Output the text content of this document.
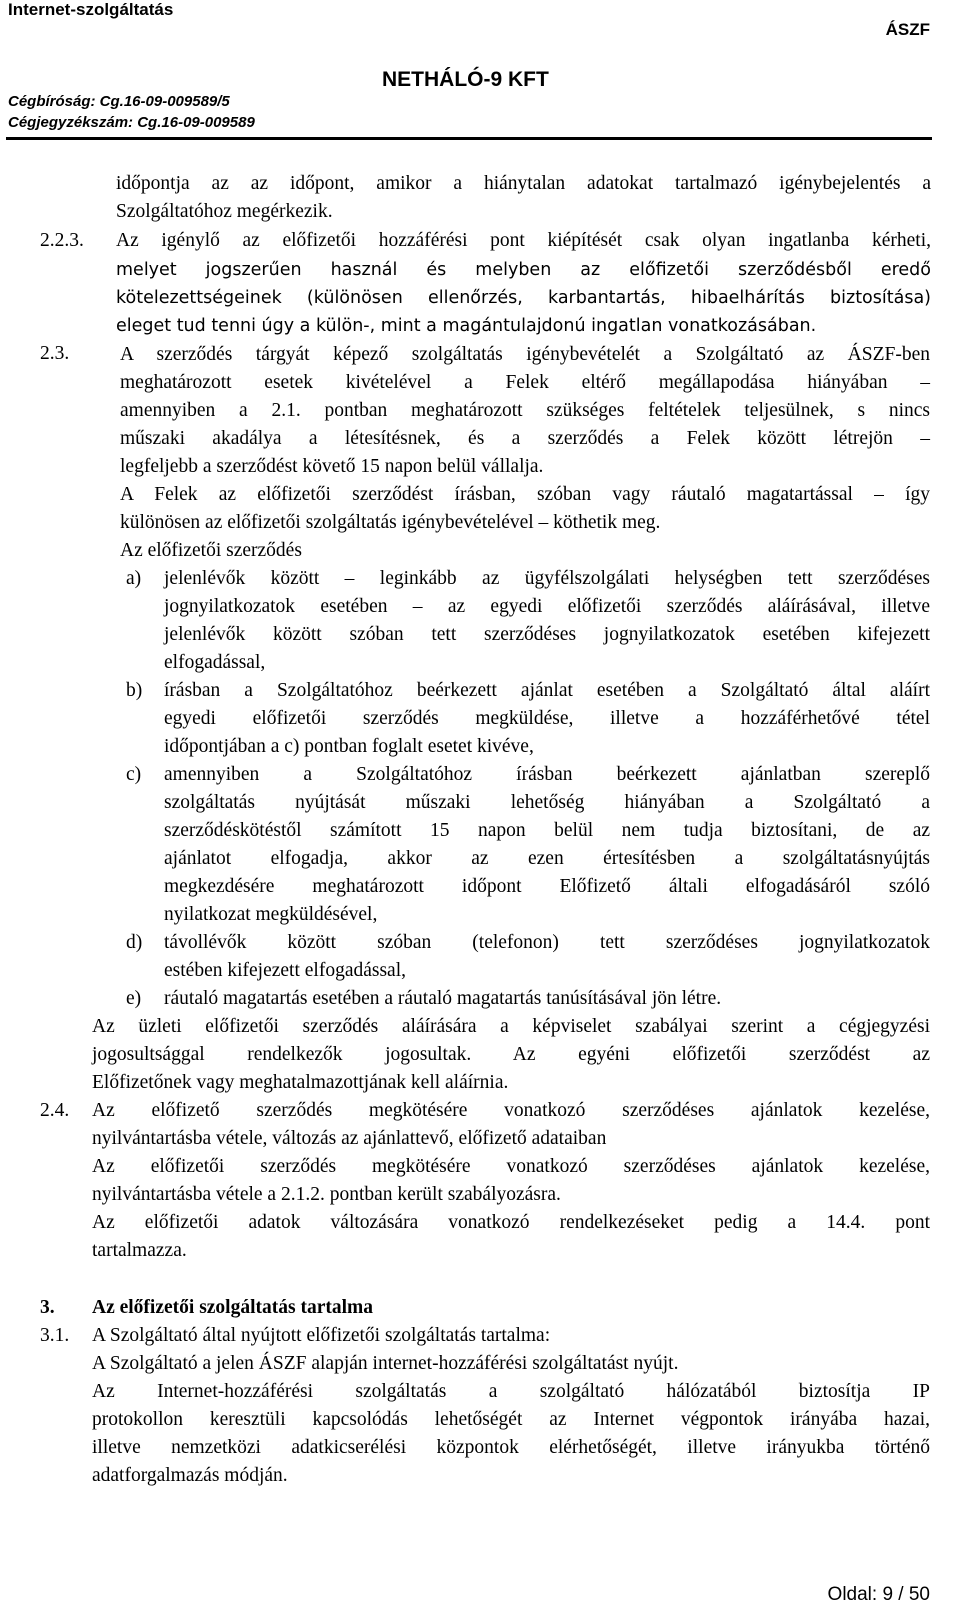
Internet-szolgáltatás
ÁSZF
NETHÁLÓ-9 KFT
Cégbíróság: Cg.16-09-009589/5
Cégjegyzékszám: Cg.16-09-009589
időpontja az az időpont, amikor a hiánytalan adatokat tartalmazó igénybejelentés a
Szolgáltatóhoz megérkezik.
2.2.3. Az igénylő az előfizetői hozzáférési pont kiépítését csak olyan ingatlanba kérheti,
melyet jogszerűen használ és melyben az előfizetői szerződésből eredő
kötelezettségeinek (különösen ellenőrzés, karbantartás, hibaelhárítás biztosítása)
eleget tud tenni úgy a külön-, mint a magántulajdonú ingatlan vonatkozásában.
2.3.	A szerződés tárgyát képező szolgáltatás igénybevételét a Szolgáltató az ÁSZF-ben
meghatározott esetek kivételével a Felek eltérő megállapodása hiányában –
amennyiben a 2.1. pontban meghatározott szükséges feltételek teljesülnek, s nincs
műszaki akadálya a létesítésnek, és a szerződés a Felek között létrejön –
legfeljebb a szerződést követő 15 napon belül vállalja.
A Felek az előfizetői szerződést írásban, szóban vagy ráutaló magatartással – így
különösen az előfizetői szolgáltatás igénybevételével – köthetik meg.
Az előfizetői szerződés
a) jelenlévők között – leginkább az ügyfélszolgálati helységben tett szerződéses
jognyilatkozatok esetében – az egyedi előfizetői szerződés aláírásával, illetve
jelenlévők között szóban tett szerződéses jognyilatkozatok esetében kifejezett
elfogadással,
b) írásban a Szolgáltatóhoz beérkezett ajánlat esetében a Szolgáltató által aláírt
egyedi előfizetői szerződés megküldése, illetve a hozzáférhetővé tétel
időpontjában a c) pontban foglalt esetet kivéve,
c) amennyiben a Szolgáltatóhoz írásban beérkezett ajánlatban szereplő
szolgáltatás nyújtását műszaki lehetőség hiányában a Szolgáltató a
szerződéskötéstől számított 15 napon belül nem tudja biztosítani, de az
ajánlatot elfogadja, akkor az ezen értesítésben a szolgáltatásnyújtás
megkezdésére meghatározott időpont Előfizető általi elfogadásáról szóló
nyilatkozat megküldésével,
d) távollévők között szóban (telefonon) tett szerződéses jognyilatkozatok
estében kifejezett elfogadással,
e) ráutaló magatartás esetében a ráutaló magatartás tanúsításával jön létre.
Az üzleti előfizetői szerződés aláírására a képviselet szabályai szerint a cégjegyzési
jogosultsággal rendelkezők jogosultak. Az egyéni előfizetői szerződést az
Előfizetőnek vagy meghatalmazottjának kell aláírnia.
2.4. Az előfizető szerződés megkötésére vonatkozó szerződéses ajánlatok kezelése,
nyilvántartásba vétele, változás az ajánlattevő, előfizető adataiban
Az előfizetői szerződés megkötésére vonatkozó szerződéses ajánlatok kezelése,
nyilvántartásba vétele a 2.1.2. pontban került szabályozásra.
Az előfizetői adatok változására vonatkozó rendelkezéseket pedig a 14.4. pont
tartalmazza.
3. Az előfizetői szolgáltatás tartalma
3.1. A Szolgáltató által nyújtott előfizetői szolgáltatás tartalma:
A Szolgáltató a jelen ÁSZF alapján internet-hozzáférési szolgáltatást nyújt.
Az Internet-hozzáférési szolgáltatás a szolgáltató hálózatából biztosítja IP
protokollon keresztüli kapcsolódás lehetőségét az Internet végpontok irányába hazai,
illetve nemzetközi adatkicserélési központok elérhetőségét, illetve irányukba történő
adatforgalmazás módján.
Oldal: 9 / 50
